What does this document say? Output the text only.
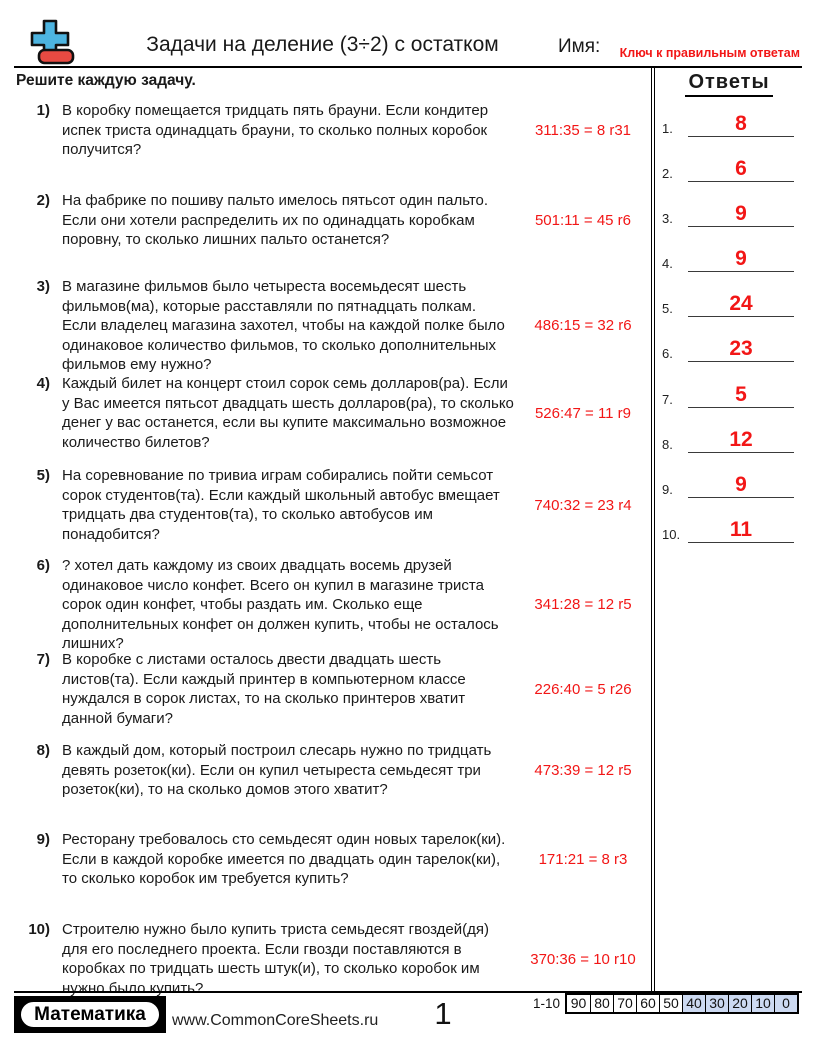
Задачи на деление (3÷2) с остатком	Имя: Ключ к правильным ответам
Решите каждую задачу.
1) В коробку помещается тридцать пять брауни. Если кондитер испек триста одинадцать брауни, то сколько полных коробок получится?
311:35 = 8 r31
2) На фабрике по пошиву пальто имелось пятьсот один пальто. Если они хотели распределить их по одинадцать коробкам поровну, то сколько лишних пальто останется?
501:11 = 45 r6
3) В магазине фильмов было четыреста восемьдесят шесть фильмов(ма), которые расставляли по пятнадцать полкам. Если владелец магазина захотел, чтобы на каждой полке было одинаковое количество фильмов, то сколько дополнительных фильмов ему нужно?
486:15 = 32 r6
4) Каждый билет на концерт стоил сорок семь долларов(ра). Если у Вас имеется пятьсот двадцать шесть долларов(ра), то сколько денег у вас останется, если вы купите максимально возможное количество билетов?
526:47 = 11 r9
5) На соревнование по тривиа играм собирались пойти семьсот сорок студентов(та). Если каждый школьный автобус вмещает тридцать два студентов(та), то сколько автобусов им понадобится?
740:32 = 23 r4
6) ? хотел дать каждому из своих двадцать восемь друзей одинаковое число конфет. Всего он купил в магазине триста сорок один конфет, чтобы раздать им. Сколько еще дополнительных конфет он должен купить, чтобы не осталось лишних?
341:28 = 12 r5
7) В коробке с листами осталось двести двадцать шесть листов(та). Если каждый принтер в компьютерном классе нуждался в сорок листах, то на сколько принтеров хватит данной бумаги?
226:40 = 5 r26
8) В каждый дом, который построил слесарь нужно по тридцать девять розеток(ки). Если он купил четыреста семьдесят три розеток(ки), то на сколько домов этого хватит?
473:39 = 12 r5
9) Ресторану требовалось сто семьдесят один новых тарелок(ки). Если в каждой коробке имеется по двадцать один тарелок(ки), то сколько коробок им требуется купить?
171:21 = 8 r3
10) Строителю нужно было купить триста семьдесят гвоздей(дя) для его последнего проекта. Если гвозди поставляются в коробках по тридцать шесть штук(и), то сколько коробок им нужно было купить?
370:36 = 10 r10
Ответы
1.	8
2.	6
3.	9
4.	9
5.	24
6.	23
7.	5
8.	12
9.	9
10.	11
Математика	www.CommonCoreSheets.ru	1	1-10 90 80 70 60 50 40 30 20 10 0
